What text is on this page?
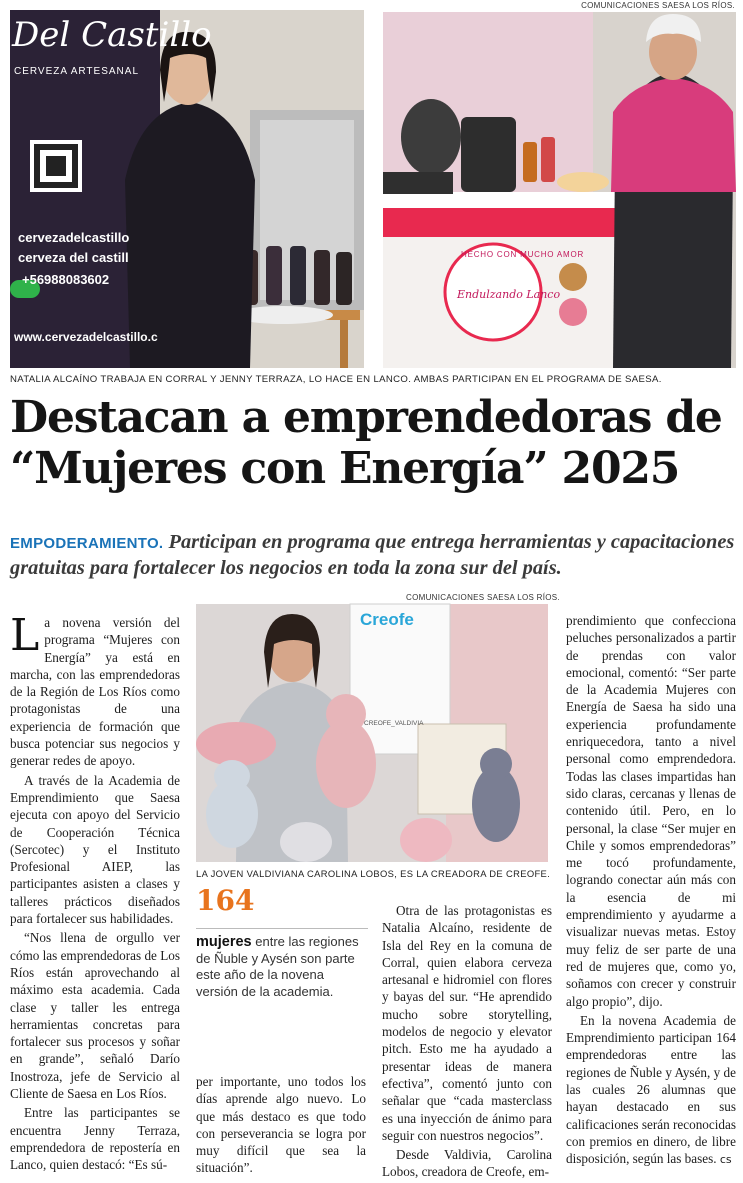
Del Castillo
CERVEZA ARTESANAL
cervezadelcastillo
cerveza del castill
+56988083602
www.cervezadelcastillo.c
COMUNICACIONES SAESA LOS RÍOS.
HECHO CON MUCHO AMOR
Endulzando Lanco
NATALIA ALCAÍNO TRABAJA EN CORRAL Y JENNY TERRAZA, LO HACE EN LANCO. AMBAS PARTICIPAN EN EL PROGRAMA DE SAESA.
Destacan a emprendedoras de
“Mujeres con Energía” 2025
EMPODERAMIENTO. Participan en programa que entrega herramientas y capacitaciones gratuitas para fortalecer los negocios en toda la zona sur del país.

La novena versión del programa “Mujeres con Energía” ya está en marcha, con las emprendedoras de la Región de Los Ríos como protagonistas de una experiencia de formación que busca potenciar sus negocios y generar redes de apoyo.

A través de la Academia de Emprendimiento que Saesa ejecuta con apoyo del Servicio de Cooperación Técnica (Sercotec) y el Instituto Profesional AIEP, las participantes asisten a clases y talleres prácticos diseñados para fortalecer sus habilidades.

“Nos llena de orgullo ver cómo las emprendedoras de Los Ríos están aprovechando al máximo esta academia. Cada clase y taller les entrega herramientas concretas para fortalecer sus procesos y soñar en grande”, señaló Darío Inostroza, jefe de Servicio al Cliente de Saesa en Los Ríos.

Entre las participantes se encuentra Jenny Terraza, emprendedora de repostería en Lanco, quien destacó: “Es sú-

COMUNICACIONES SAESA LOS RÍOS.
Creofe
CREOFE_VALDIVIA
LA JOVEN VALDIVIANA CAROLINA LOBOS, ES LA CREADORA DE CREOFE.
164
mujeres entre las regiones de Ñuble y Aysén son parte este año de la novena versión de la academia.

per importante, uno todos los días aprende algo nuevo. Lo que más destaco es que todo con perseverancia se logra por muy difícil que sea la situación”.

Otra de las protagonistas es Natalia Alcaíno, residente de Isla del Rey en la comuna de Corral, quien elabora cerveza artesanal e hidromiel con flores y bayas del sur. “He aprendido mucho sobre storytelling, modelos de negocio y elevator pitch. Esto me ha ayudado a presentar ideas de manera efectiva”, comentó junto con señalar que “cada masterclass es una inyección de ánimo para seguir con nuestros negocios”.

Desde Valdivia, Carolina Lobos, creadora de Creofe, em-

prendimiento que confecciona peluches personalizados a partir de prendas con valor emocional, comentó: “Ser parte de la Academia Mujeres con Energía de Saesa ha sido una experiencia profundamente enriquecedora, tanto a nivel personal como emprendedora. Todas las clases impartidas han sido claras, cercanas y llenas de contenido útil. Pero, en lo personal, la clase “Ser mujer en Chile y somos emprendedoras” me tocó profundamente, logrando conectar aún más con la esencia de mi emprendimiento y ayudarme a visualizar nuevas metas. Estoy muy feliz de ser parte de una red de mujeres que, como yo, soñamos con crecer y construir algo propio”, dijo.

En la novena Academia de Emprendimiento participan 164 emprendedoras entre las regiones de Ñuble y Aysén, y de las cuales 26 alumnas que hayan destacado en sus calificaciones serán reconocidas con premios en dinero, de libre disposición, según las bases. cs
